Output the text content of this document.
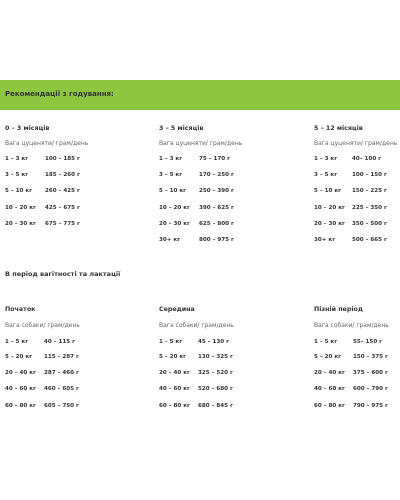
Рекомендації з годування:
0 – 3 місяців
Вага цуценяти/ грам/день
1 – 3 кг	100 – 185 г
3 – 5 кг	185 – 260 г
5 – 10 кг 260 – 425 г
10 – 20 кг 425 – 675 г
20 – 30 кг 675 – 775 г
3 – 5 місяців
Вага цуценяти/ грам/день
1 – 3 кг	75 – 170 г
3 – 5 кг	170 – 250 г
5 – 10 кг 250 – 390 г
10 – 20 кг 390 – 625 г
20 – 30 кг 625 – 800 г
30+ кг	800 – 975 г
5 – 12 місяців
Вага цуценяти/ грам/день
1 – 3 кг	40– 100 г
3 – 5 кг	100 – 150 г
5 – 10 кг 150 – 225 г
10 – 20 кг 225 – 350 г
20 – 30 кг 350 – 500 г
30+ кг	500 – 665 г
В період вагітності та лактації
Початок
Вага собаки/ грам/день
1 – 5 кг	40 – 115 г
5 – 20 кг 115 – 287 г
20 – 40 кг 287 – 460 г
40 – 60 кг 460 – 605 г
60 – 80 кг 605 – 750 г
Середина
Вага собаки/ грам/день
1 – 5 кг	45 – 130 г
5 – 20 кг 130 – 325 г
20 – 40 кг 325 – 520 г
40 – 60 кг 520 – 680 г
60 – 80 кг 680 – 845 г
Пізній період
Вага собаки/ грам/день
1 – 5 кг	55– 150 г
5 – 20 кг 150 – 375 г
20 – 40 кг 375 – 600 г
40 – 60 кг 600 – 790 г
60 – 80 кг 790 – 975 г
